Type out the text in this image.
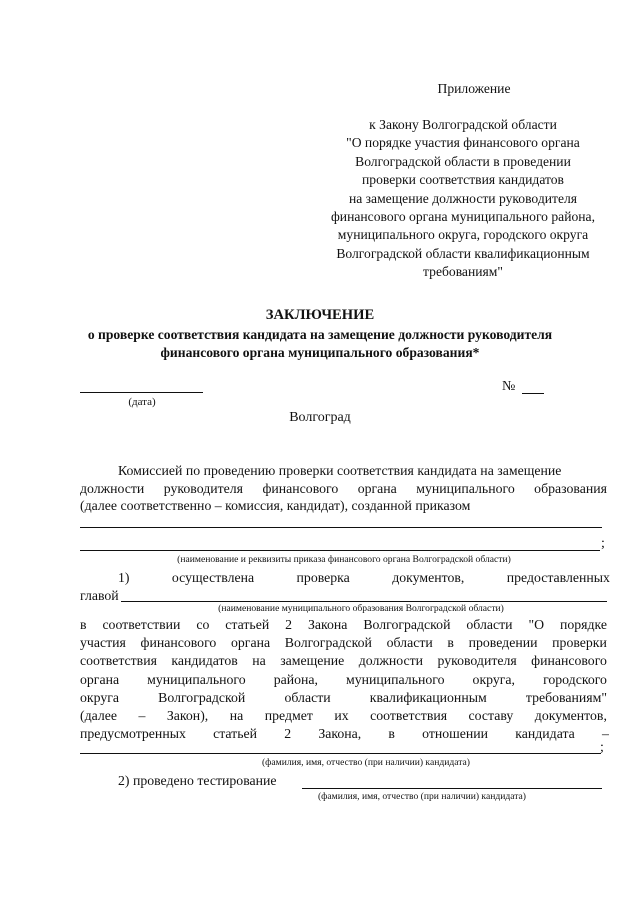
Приложение
к Закону Волгоградской области
"О порядке участия финансового органа
Волгоградской области в проведении
проверки соответствия кандидатов
на замещение должности руководителя
финансового органа муниципального района,
муниципального округа, городского округа
Волгоградской области квалификационным
требованиям"
ЗАКЛЮЧЕНИЕ
о проверке соответствия кандидата на замещение должности руководителя
финансового органа муниципального образования*
(дата)
№
Волгоград
Комиссией по проведению проверки соответствия кандидата на замещение
должности руководителя финансового органа муниципального образования
(далее соответственно – комиссия, кандидат), созданной приказом
;
(наименование и реквизиты приказа финансового органа Волгоградской области)
1)	осуществлена	проверка	документов,	предоставленных
главой
(наименование муниципального образования Волгоградской области)
в соответствии со статьей 2 Закона Волгоградской области "О порядке
участия финансового органа Волгоградской области в проведении проверки
соответствия кандидатов на замещение должности руководителя финансового
органа муниципального района, муниципального округа, городского
округа	Волгоградской	области	квалификационным	требованиям"
(далее – Закон), на предмет их соответствия составу документов,
предусмотренных статьей 2 Закона, в отношении кандидата –
;
(фамилия, имя, отчество (при наличии) кандидата)
2) проведено тестирование
(фамилия, имя, отчество (при наличии) кандидата)
